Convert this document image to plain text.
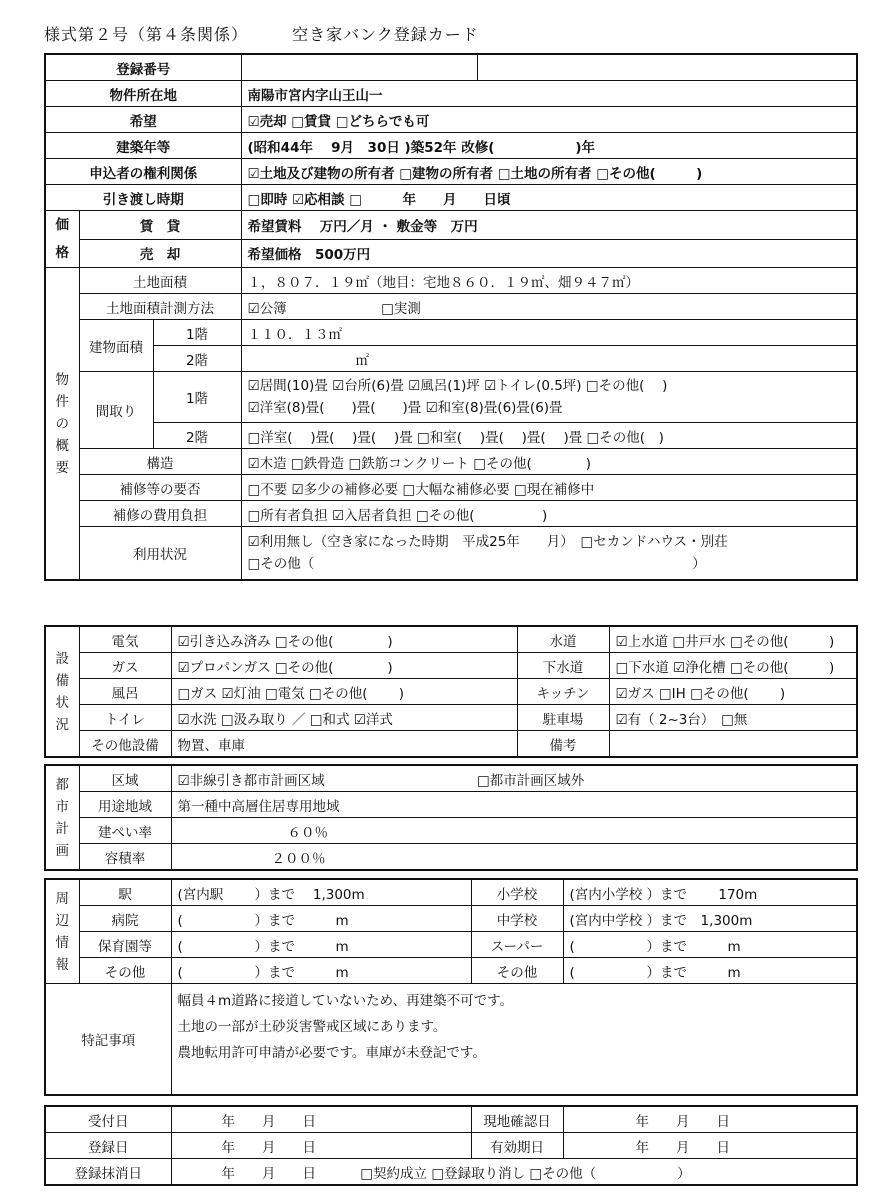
様式第２号（第４条関係）	空き家バンク登録カード
登録番号				
物件所在地			南陽市宮内字山王山一	
希望			☑売却 □賃貸 □どちらでも可	
建築年等			(昭和44年　 9月　30日 )築52年 改修(　　　　　　)年	
申込者の権利関係			☑土地及び建物の所有者 □建物の所有者 □土地の所有者 □その他(　　　)	
引き渡し時期			□即時 ☑応相談 □　　　年　　月　　日頃	

価
格	賃　貸		希望賃料　 万円／月 ・ 敷金等　万円	
	売　却		希望価格　500万円	

物
件
の
概
要	土地面積		１，８０７．１９㎡（地目：宅地８６０．１９㎡、畑９４７㎡）	
	土地面積計測方法		☑公簿　　　　　　　□実測	
	建物面積	1階	１１０．１３㎡	
		2階	　　　　　　　　㎡	
	間取り	1階	☑居間(10)畳 ☑台所(6)畳 ☑風呂(1)坪 ☑トイレ(0.5坪) □その他(　 )
☑洋室(8)畳(　　)畳(　　)畳 ☑和室(8)畳(6)畳(6)畳	

		2階	□洋室(　 )畳(　 )畳(　 )畳 □和室(　 )畳(　 )畳(　 )畳 □その他(　)	
	構造		☑木造 □鉄骨造 □鉄筋コンクリート □その他(　　　　)	
	補修等の要否		□不要 ☑多少の補修必要 □大幅な補修必要 □現在補修中	
	補修の費用負担		□所有者負担 ☑入居者負担 □その他(　　　　　)	
	利用状況		☑利用無し（空き家になった時期　平成25年　　月）　□セカンドハウス・別荘
□その他（　　　　　　　　　　　　　　　　　　　　　　　　　　　　）	
設
備
状
況	電気	☑引き込み済み □その他(　　　　)	水道	☑上水道 □井戸水 □その他(　　　)
	ガス	☑プロパンガス □その他(　　　　)	下水道	□下水道 ☑浄化槽 □その他(　　　)
	風呂	□ガス ☑灯油 □電気 □その他(　　 )	キッチン	☑ガス □IH □その他(　　 )
	トイレ	☑水洗 □汲み取り ／ □和式 ☑洋式	駐車場	☑有（ 2~3台）　□無
	その他設備	物置、車庫	備考	
都
市
計
画	区域	☑非線引き都市計画区域	□都市計画区域外
	用途地域	第一種中高層住居専用地域	
	建ぺい率	６０％	
	容積率	２００％	
周
辺
情
報	駅	(宮内駅　　 ）まで　 1,300m	小学校	(宮内小学校 ）まで　　 170m
	病院	(　　　　　 ）まで　　　m	中学校	(宮内中学校 ）まで　1,300m
	保育園等	(　　　　　 ）まで　　　m	スーパー	(　　　　　 ）まで　　　m
	その他	(　　　　　 ）まで　　　m	その他	(　　　　　 ）まで　　　m
特記事項		幅員４m道路に接道していないため、再建築不可です。
土地の一部が土砂災害警戒区域にあります。
農地転用許可申請が必要です。車庫が未登記です。		
受付日	年　　月　　日	現地確認日	年　　月　　日
登録日	年　　月　　日	有効期日	年　　月　　日
登録抹消日	年　　月　　日 □契約成立 □登録取り消し □その他（　　　　　　）		
